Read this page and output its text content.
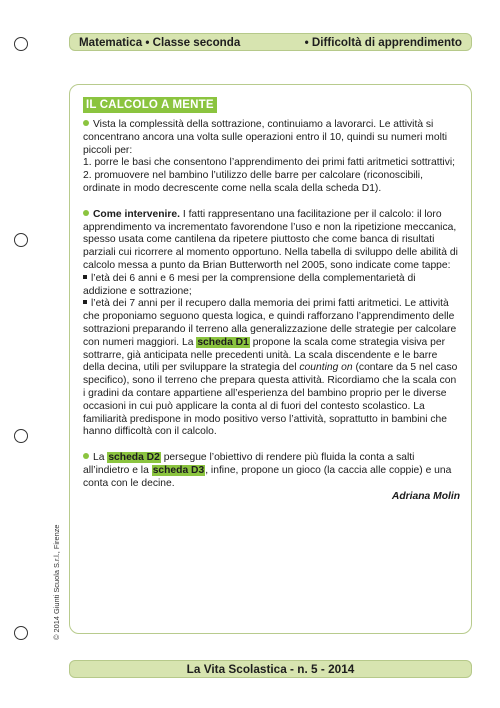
Matematica • Classe seconda	• Difficoltà di apprendimento
IL CALCOLO A MENTE

Vista la complessità della sottrazione, continuiamo a lavorarci. Le attività si concentrano ancora una volta sulle operazioni entro il 10, quindi su numeri molti piccoli per:

1. porre le basi che consentono l’apprendimento dei primi fatti aritmetici sottrattivi;

2. promuovere nel bambino l’utilizzo delle barre per calcolare (riconoscibili, ordinate in modo decrescente come nella scala della scheda D1).

Come intervenire. I fatti rappresentano una facilitazione per il calcolo: il loro apprendimento va incrementato favorendone l’uso e non la ripetizione meccanica, spesso usata come cantilena da ripetere piuttosto che come banca di risultati parziali cui ricorrere al momento opportuno. Nella tabella di sviluppo delle abilità di calcolo messa a punto da Brian Butterworth nel 2005, sono indicate come tappe:

l’età dei 6 anni e 6 mesi per la comprensione della complementarietà di addizione e sottrazione;

l’età dei 7 anni per il recupero dalla memoria dei primi fatti aritmetici. Le attività che proponiamo seguono questa logica, e quindi rafforzano l’apprendimento delle sottrazioni preparando il terreno alla generalizzazione delle strategie per calcolare con numeri maggiori. La scheda D1 propone la scala come strategia visiva per sottrarre, già anticipata nelle precedenti unità. La scala discendente e le barre della decina, utili per sviluppare la strategia del counting on (contare da 5 nel caso specifico), sono il terreno che prepara questa attività. Ricordiamo che la scala con i gradini da contare appartiene all’esperienza del bambino proprio per le diverse occasioni in cui può applicare la conta al di fuori del contesto scolastico. La familiarità predispone in modo positivo verso l’attività, soprattutto in bambini che hanno difficoltà con il calcolo.

La scheda D2 persegue l’obiettivo di rendere più fluida la conta a salti all’indietro e la scheda D3, infine, propone un gioco (la caccia alle coppie) e una conta con le decine.

Adriana Molin

© 2014 Giunti Scuola S.r.l., Firenze
La Vita Scolastica - n. 5 - 2014
